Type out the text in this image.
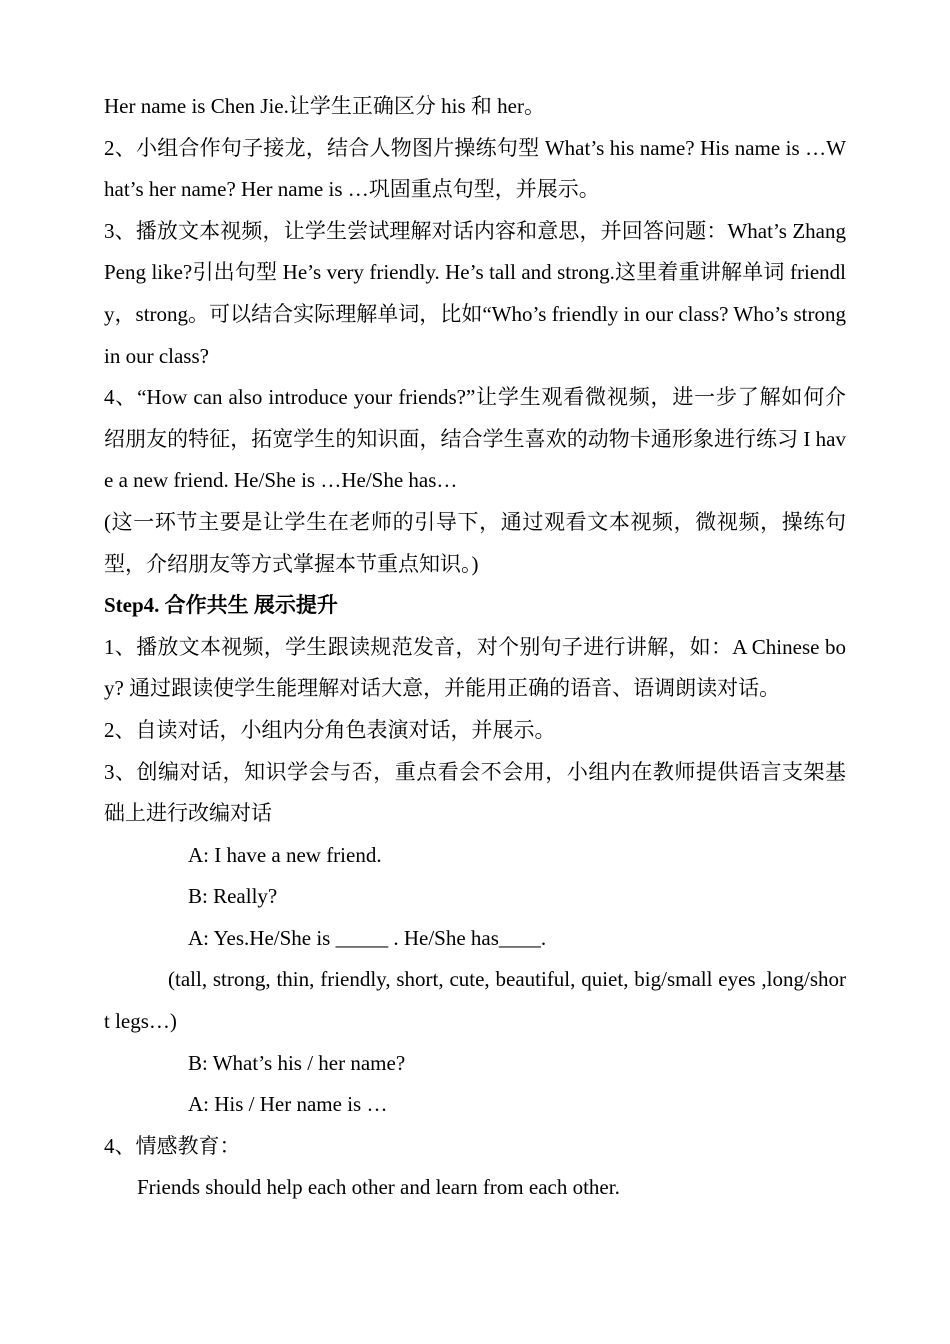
Her name is Chen Jie.让学生正确区分 his 和 her。

2、小组合作句子接龙，结合人物图片操练句型 What’s his name? His name is …What’s her name? Her name is …巩固重点句型，并展示。

3、播放文本视频，让学生尝试理解对话内容和意思，并回答问题：What’s Zhang Peng like?引出句型 He’s very friendly. He’s tall and strong.这里着重讲解单词 friendly，strong。可以结合实际理解单词，比如“Who’s friendly in our class? Who’s strong in our class?

4、“How can also introduce your friends?”让学生观看微视频，进一步了解如何介绍朋友的特征，拓宽学生的知识面，结合学生喜欢的动物卡通形象进行练习 I have a new friend. He/She is …He/She has…

(这一环节主要是让学生在老师的引导下，通过观看文本视频，微视频，操练句型，介绍朋友等方式掌握本节重点知识。)

Step4. 合作共生 展示提升

1、播放文本视频，学生跟读规范发音，对个别句子进行讲解，如：A Chinese boy? 通过跟读使学生能理解对话大意，并能用正确的语音、语调朗读对话。

2、自读对话，小组内分角色表演对话，并展示。

3、创编对话，知识学会与否，重点看会不会用，小组内在教师提供语言支架基础上进行改编对话

A: I have a new friend.

B: Really?

A: Yes.He/She is _____ . He/She has____.

(tall, strong, thin, friendly, short, cute, beautiful, quiet, big/small eyes ,long/short legs…)

B: What’s his / her name?

A: His / Her name is …

4、情感教育：

Friends should help each other and learn from each other.
